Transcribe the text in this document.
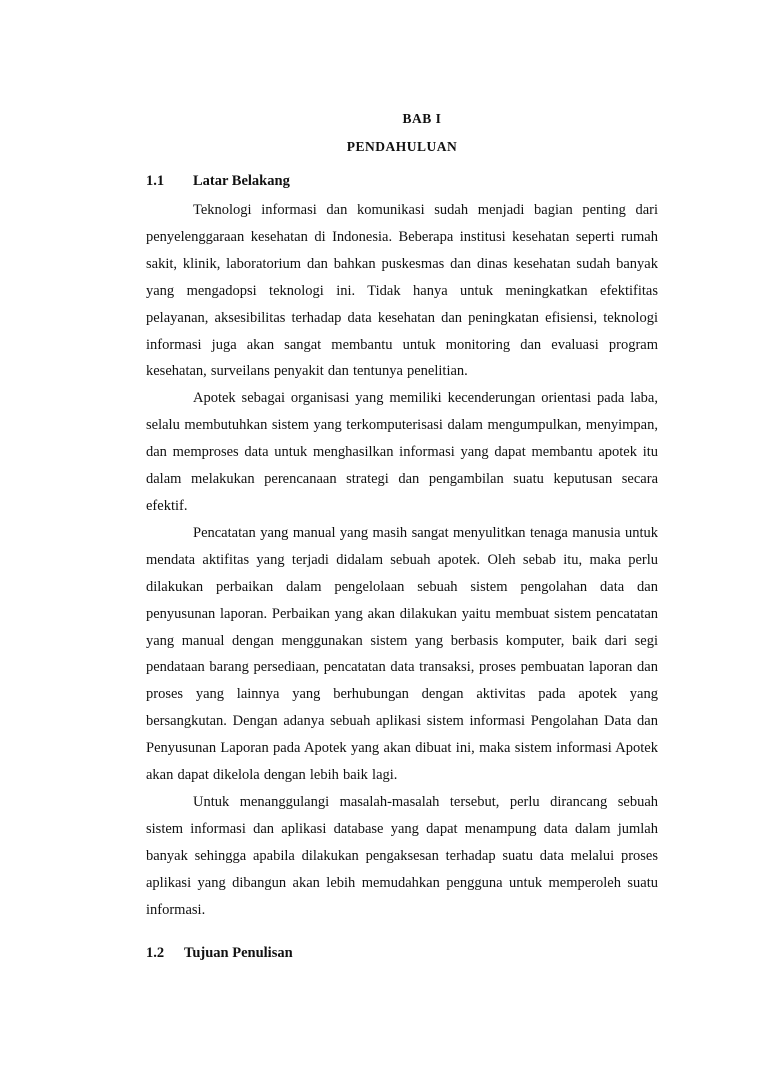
BAB I
PENDAHULUAN
1.1 Latar Belakang

Teknologi informasi dan komunikasi sudah menjadi bagian penting dari penyelenggaraan kesehatan di Indonesia. Beberapa institusi kesehatan seperti rumah sakit, klinik, laboratorium dan bahkan puskesmas dan dinas kesehatan sudah banyak yang mengadopsi teknologi ini. Tidak hanya untuk meningkatkan efektifitas pelayanan, aksesibilitas terhadap data kesehatan dan peningkatan efisiensi, teknologi informasi juga akan sangat membantu untuk monitoring dan evaluasi program kesehatan, surveilans penyakit dan tentunya penelitian.

Apotek sebagai organisasi yang memiliki kecenderungan orientasi pada laba, selalu membutuhkan sistem yang terkomputerisasi dalam mengumpulkan, menyimpan, dan memproses data untuk menghasilkan informasi yang dapat membantu apotek itu dalam melakukan perencanaan strategi dan pengambilan suatu keputusan secara efektif.

Pencatatan yang manual yang masih sangat menyulitkan tenaga manusia untuk mendata aktifitas yang terjadi didalam sebuah apotek. Oleh sebab itu, maka perlu dilakukan perbaikan dalam pengelolaan sebuah sistem pengolahan data dan penyusunan laporan. Perbaikan yang akan dilakukan yaitu membuat sistem pencatatan yang manual dengan menggunakan sistem yang berbasis komputer, baik dari segi pendataan barang persediaan, pencatatan data transaksi, proses pembuatan laporan dan proses yang lainnya yang berhubungan dengan aktivitas pada apotek yang bersangkutan. Dengan adanya sebuah aplikasi sistem informasi Pengolahan Data dan Penyusunan Laporan pada Apotek yang akan dibuat ini, maka sistem informasi Apotek akan dapat dikelola dengan lebih baik lagi.

Untuk menanggulangi masalah-masalah tersebut, perlu dirancang sebuah sistem informasi dan aplikasi database yang dapat menampung data dalam jumlah banyak sehingga apabila dilakukan pengaksesan terhadap suatu data melalui proses aplikasi yang dibangun akan lebih memudahkan pengguna untuk memperoleh suatu informasi.

1.2 Tujuan Penulisan
